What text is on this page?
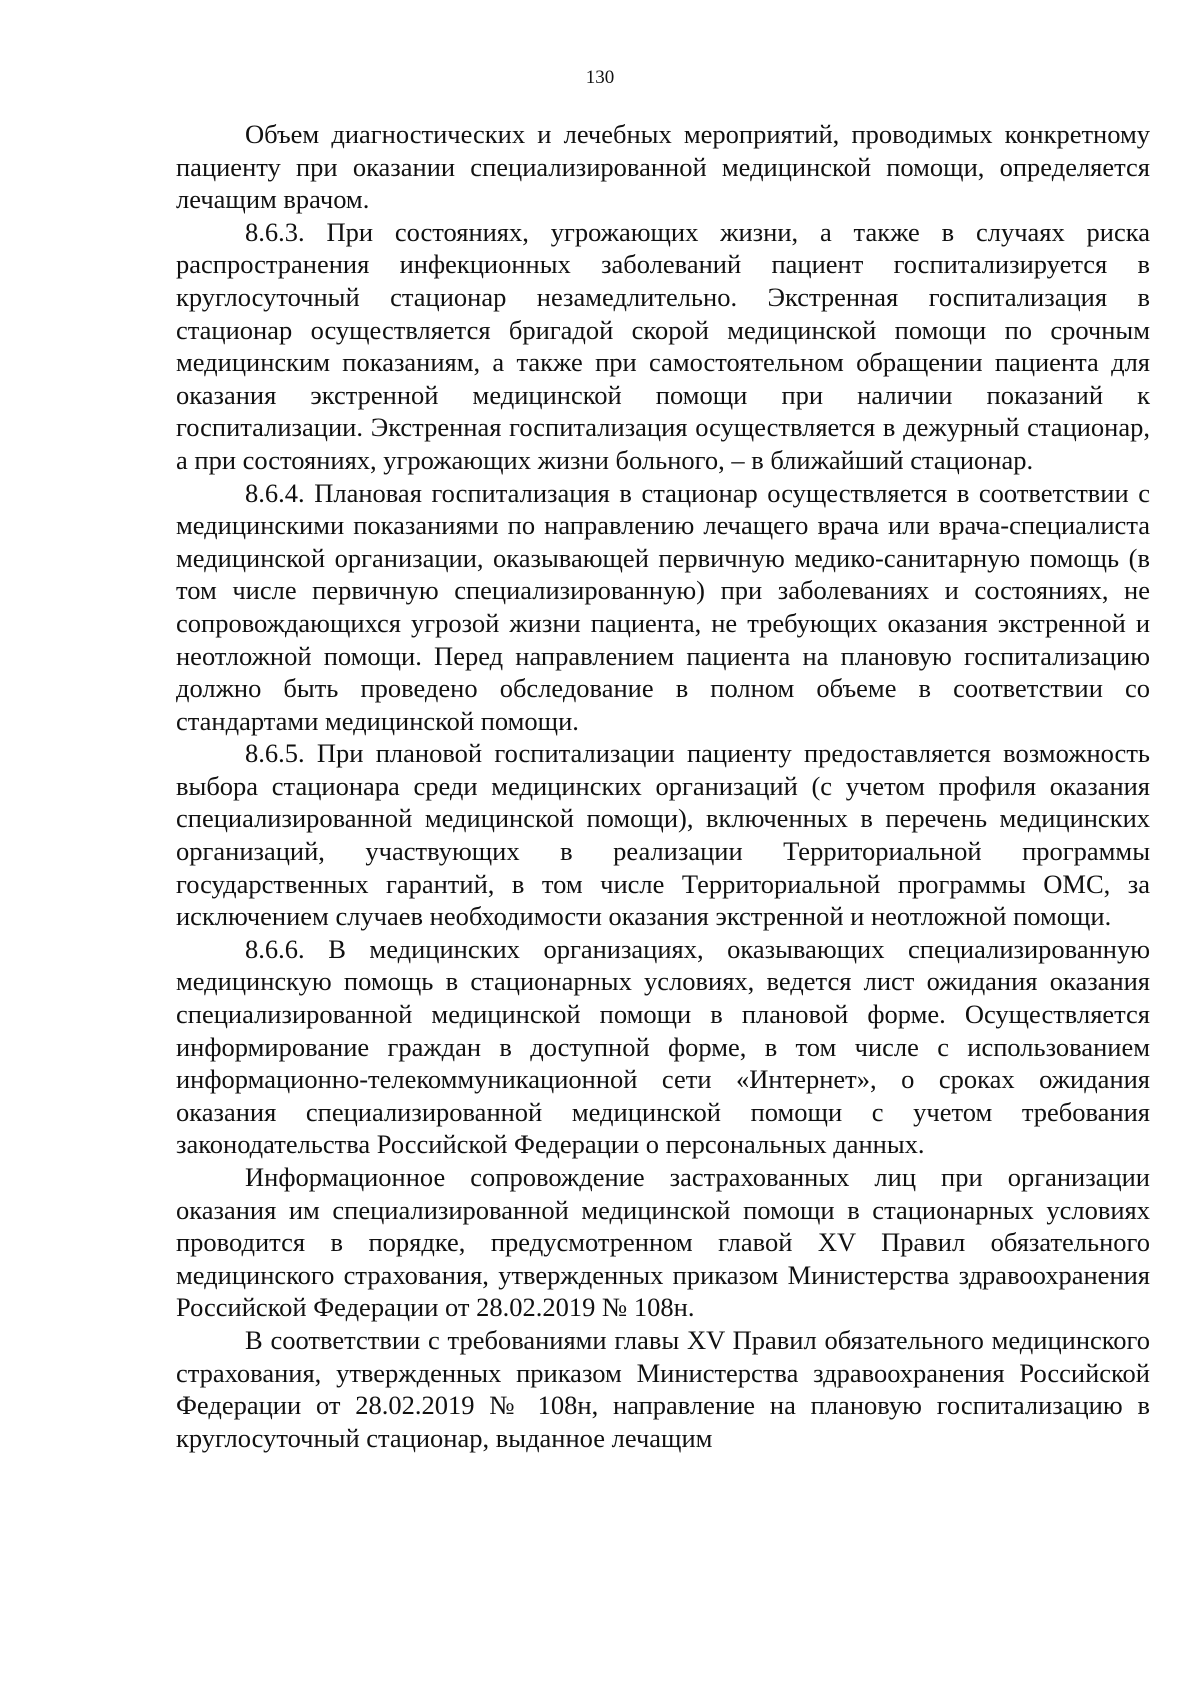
130

Объем диагностических и лечебных мероприятий, проводимых конкретному пациенту при оказании специализированной медицинской помощи, определяется лечащим врачом.

8.6.3. При состояниях, угрожающих жизни, а также в случаях риска распространения инфекционных заболеваний пациент госпитализируется в круглосуточный стационар незамедлительно. Экстренная госпитализация в стационар осуществляется бригадой скорой медицинской помощи по срочным медицинским показаниям, а также при самостоятельном обращении пациента для оказания экстренной медицинской помощи при наличии показаний к госпитализации. Экстренная госпитализация осуществляется в дежурный стационар, а при состояниях, угрожающих жизни больного, – в ближайший стационар.

8.6.4. Плановая госпитализация в стационар осуществляется в соответствии с медицинскими показаниями по направлению лечащего врача или врача-специалиста медицинской организации, оказывающей первичную медико-санитарную помощь (в том числе первичную специализированную) при заболеваниях и состояниях, не сопровождающихся угрозой жизни пациента, не требующих оказания экстренной и неотложной помощи. Перед направлением пациента на плановую госпитализацию должно быть проведено обследование в полном объеме в соответствии со стандартами медицинской помощи.

8.6.5. При плановой госпитализации пациенту предоставляется возможность выбора стационара среди медицинских организаций (с учетом профиля оказания специализированной медицинской помощи), включенных в перечень медицинских организаций, участвующих в реализации Территориальной программы государственных гарантий, в том числе Территориальной программы ОМС, за исключением случаев необходимости оказания экстренной и неотложной помощи.

8.6.6. В медицинских организациях, оказывающих специализированную медицинскую помощь в стационарных условиях, ведется лист ожидания оказания специализированной медицинской помощи в плановой форме. Осуществляется информирование граждан в доступной форме, в том числе с использованием информационно-телекоммуникационной сети «Интернет», о сроках ожидания оказания специализированной медицинской помощи с учетом требования законодательства Российской Федерации о персональных данных.

Информационное сопровождение застрахованных лиц при организации оказания им специализированной медицинской помощи в стационарных условиях проводится в порядке, предусмотренном главой XV Правил обязательного медицинского страхования, утвержденных приказом Министерства здравоохранения Российской Федерации от 28.02.2019 № 108н.

В соответствии с требованиями главы XV Правил обязательного медицинского страхования, утвержденных приказом Министерства здравоохранения Российской Федерации от 28.02.2019 № 108н, направление на плановую госпитализацию в круглосуточный стационар, выданное лечащим
